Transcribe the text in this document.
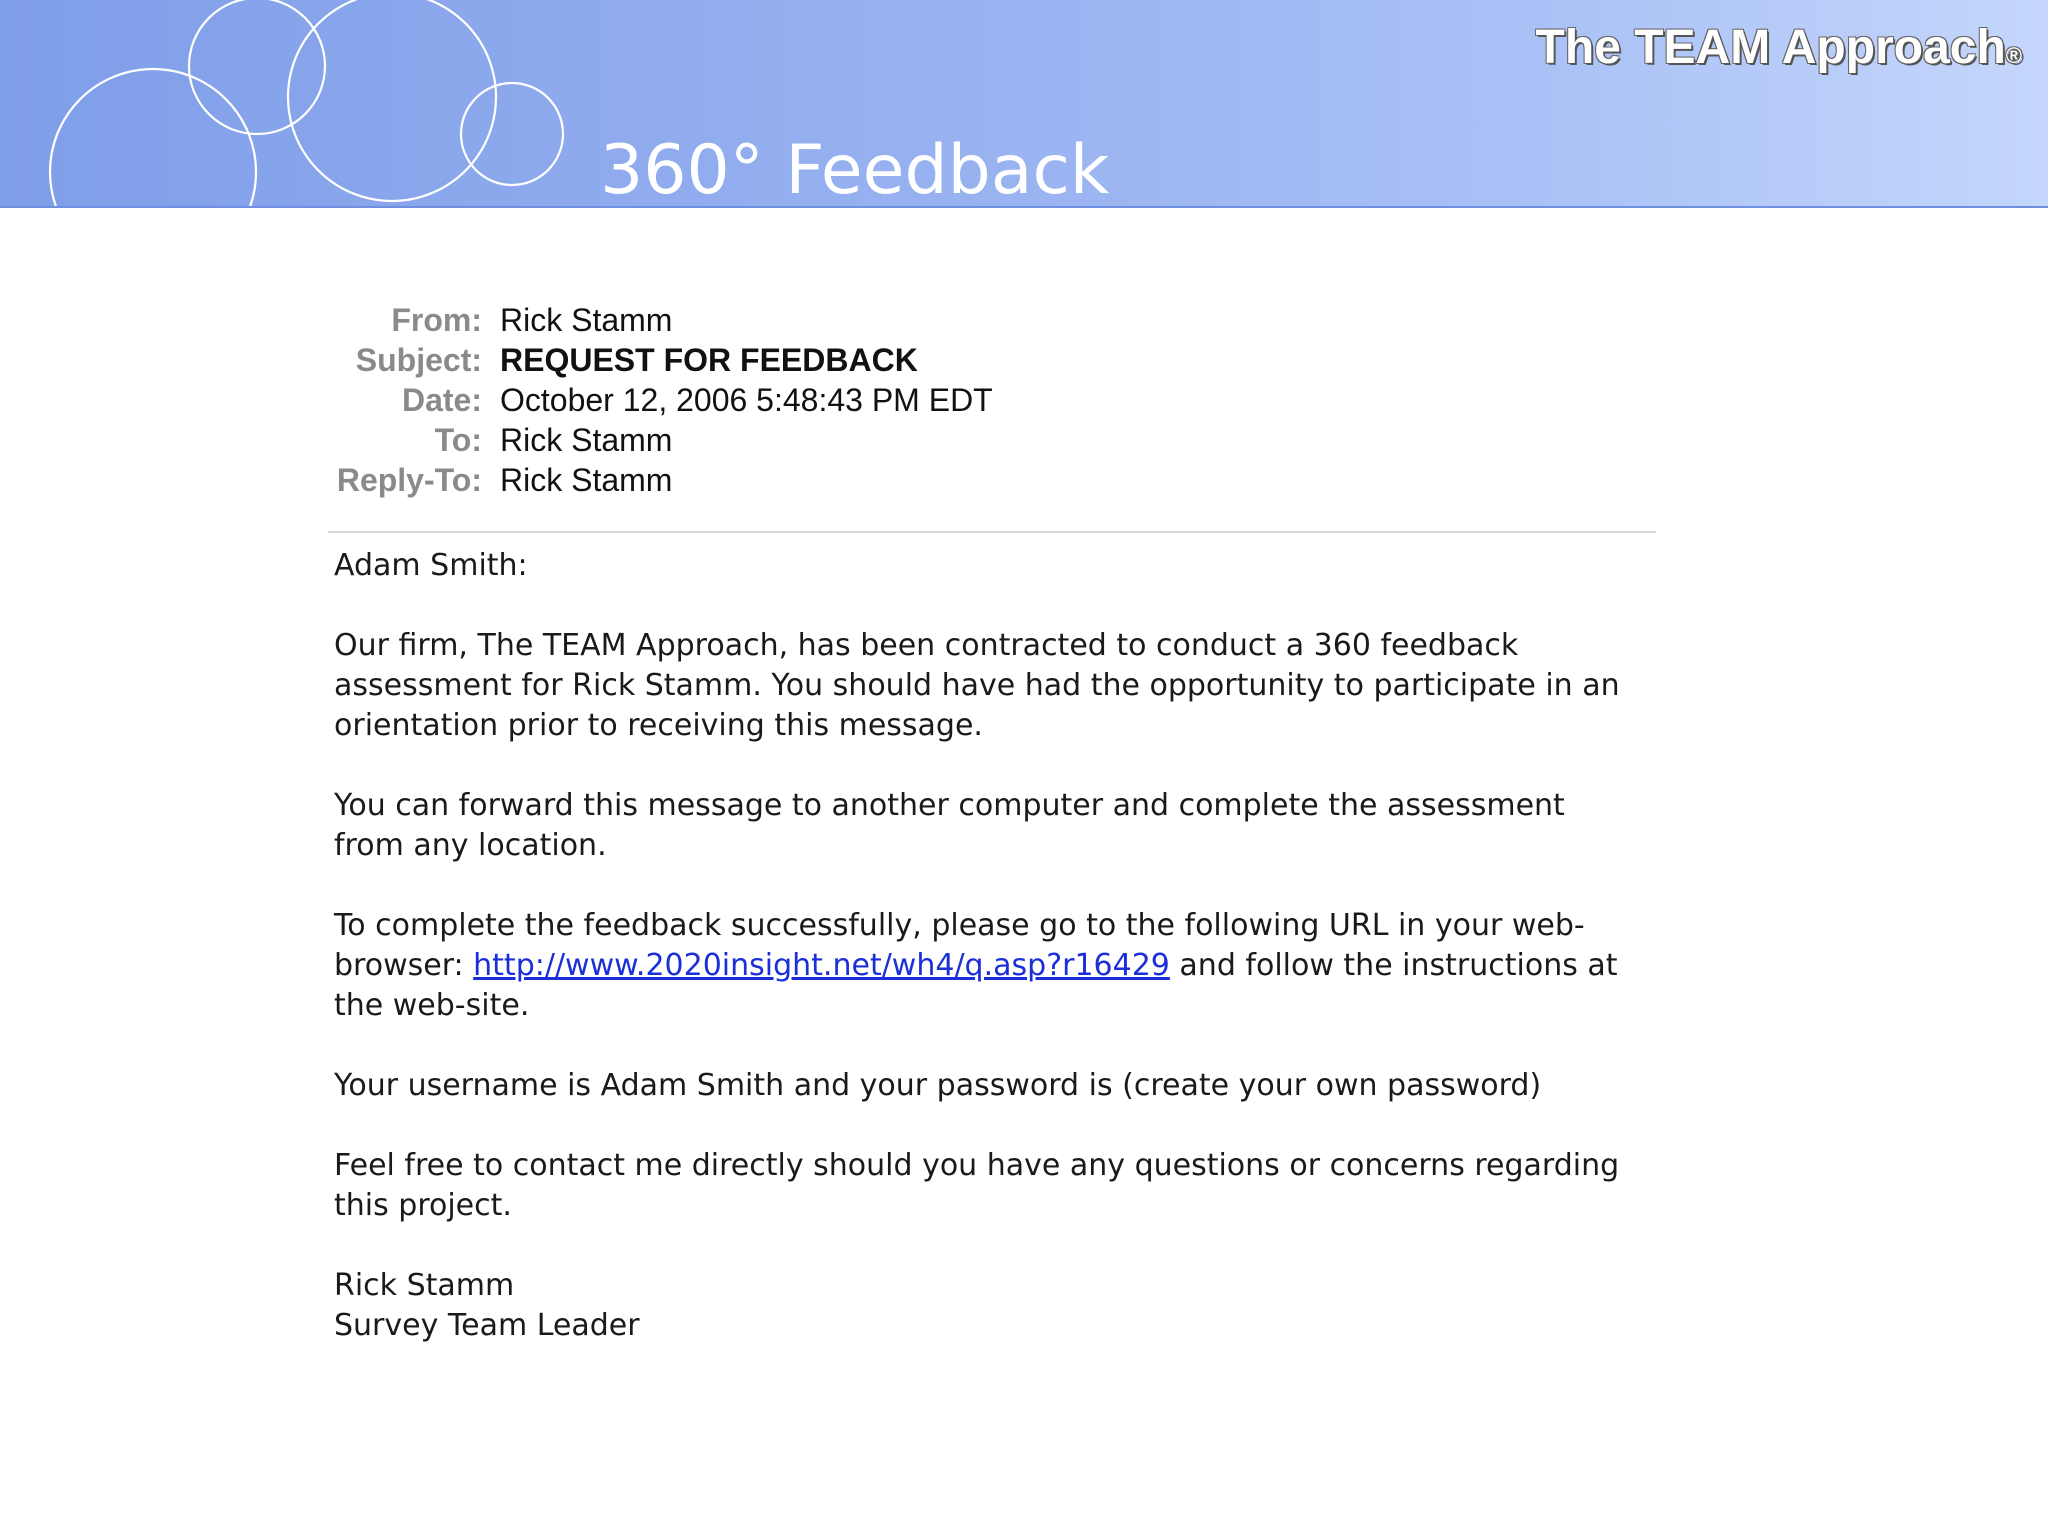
The TEAM Approach®
360° Feedback
From: Rick Stamm
Subject: REQUEST FOR FEEDBACK
Date: October 12, 2006 5:48:43 PM EDT
To: Rick Stamm
Reply-To: Rick Stamm

Adam Smith:

Our firm, The TEAM Approach, has been contracted to conduct a 360 feedback assessment for Rick Stamm. You should have had the opportunity to participate in an orientation prior to receiving this message.

You can forward this message to another computer and complete the assessment from any location.

To complete the feedback successfully, please go to the following URL in your web-browser: http://www.2020insight.net/wh4/q.asp?r16429 and follow the instructions at the web-site.

Your username is Adam Smith and your password is (create your own password)

Feel free to contact me directly should you have any questions or concerns regarding this project.

Rick Stamm

Survey Team Leader
